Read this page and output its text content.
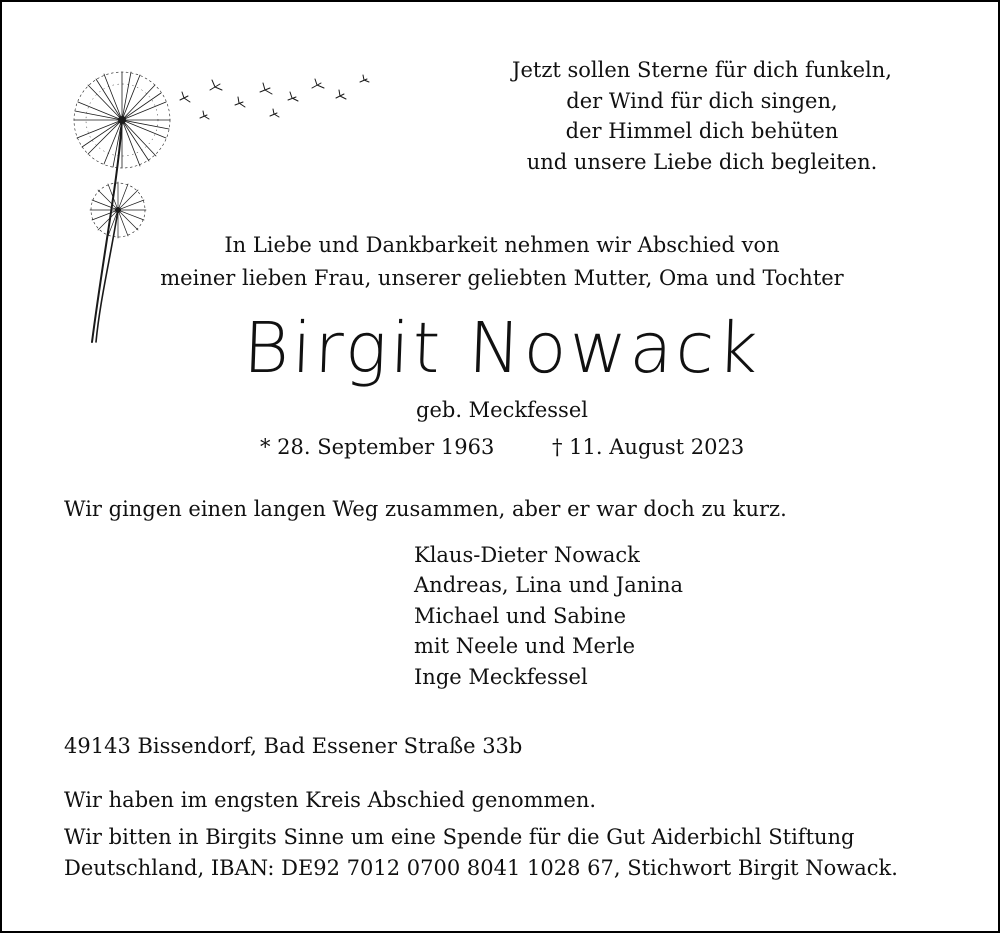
Jetzt sollen Sterne für dich funkeln,
der Wind für dich singen,
der Himmel dich behüten
und unsere Liebe dich begleiten.
In Liebe und Dankbarkeit nehmen wir Abschied von
meiner lieben Frau, unserer geliebten Mutter, Oma und Tochter
Birgit Nowack
geb. Meckfessel
* 28. September 1963	† 11. August 2023
Wir gingen einen langen Weg zusammen, aber er war doch zu kurz.
Klaus-Dieter Nowack
Andreas, Lina und Janina
Michael und Sabine
mit Neele und Merle
Inge Meckfessel
49143 Bissendorf, Bad Essener Straße 33b
Wir haben im engsten Kreis Abschied genommen.
Wir bitten in Birgits Sinne um eine Spende für die Gut Aiderbichl Stiftung
Deutschland, IBAN: DE92 7012 0700 8041 1028 67, Stichwort Birgit Nowack.
